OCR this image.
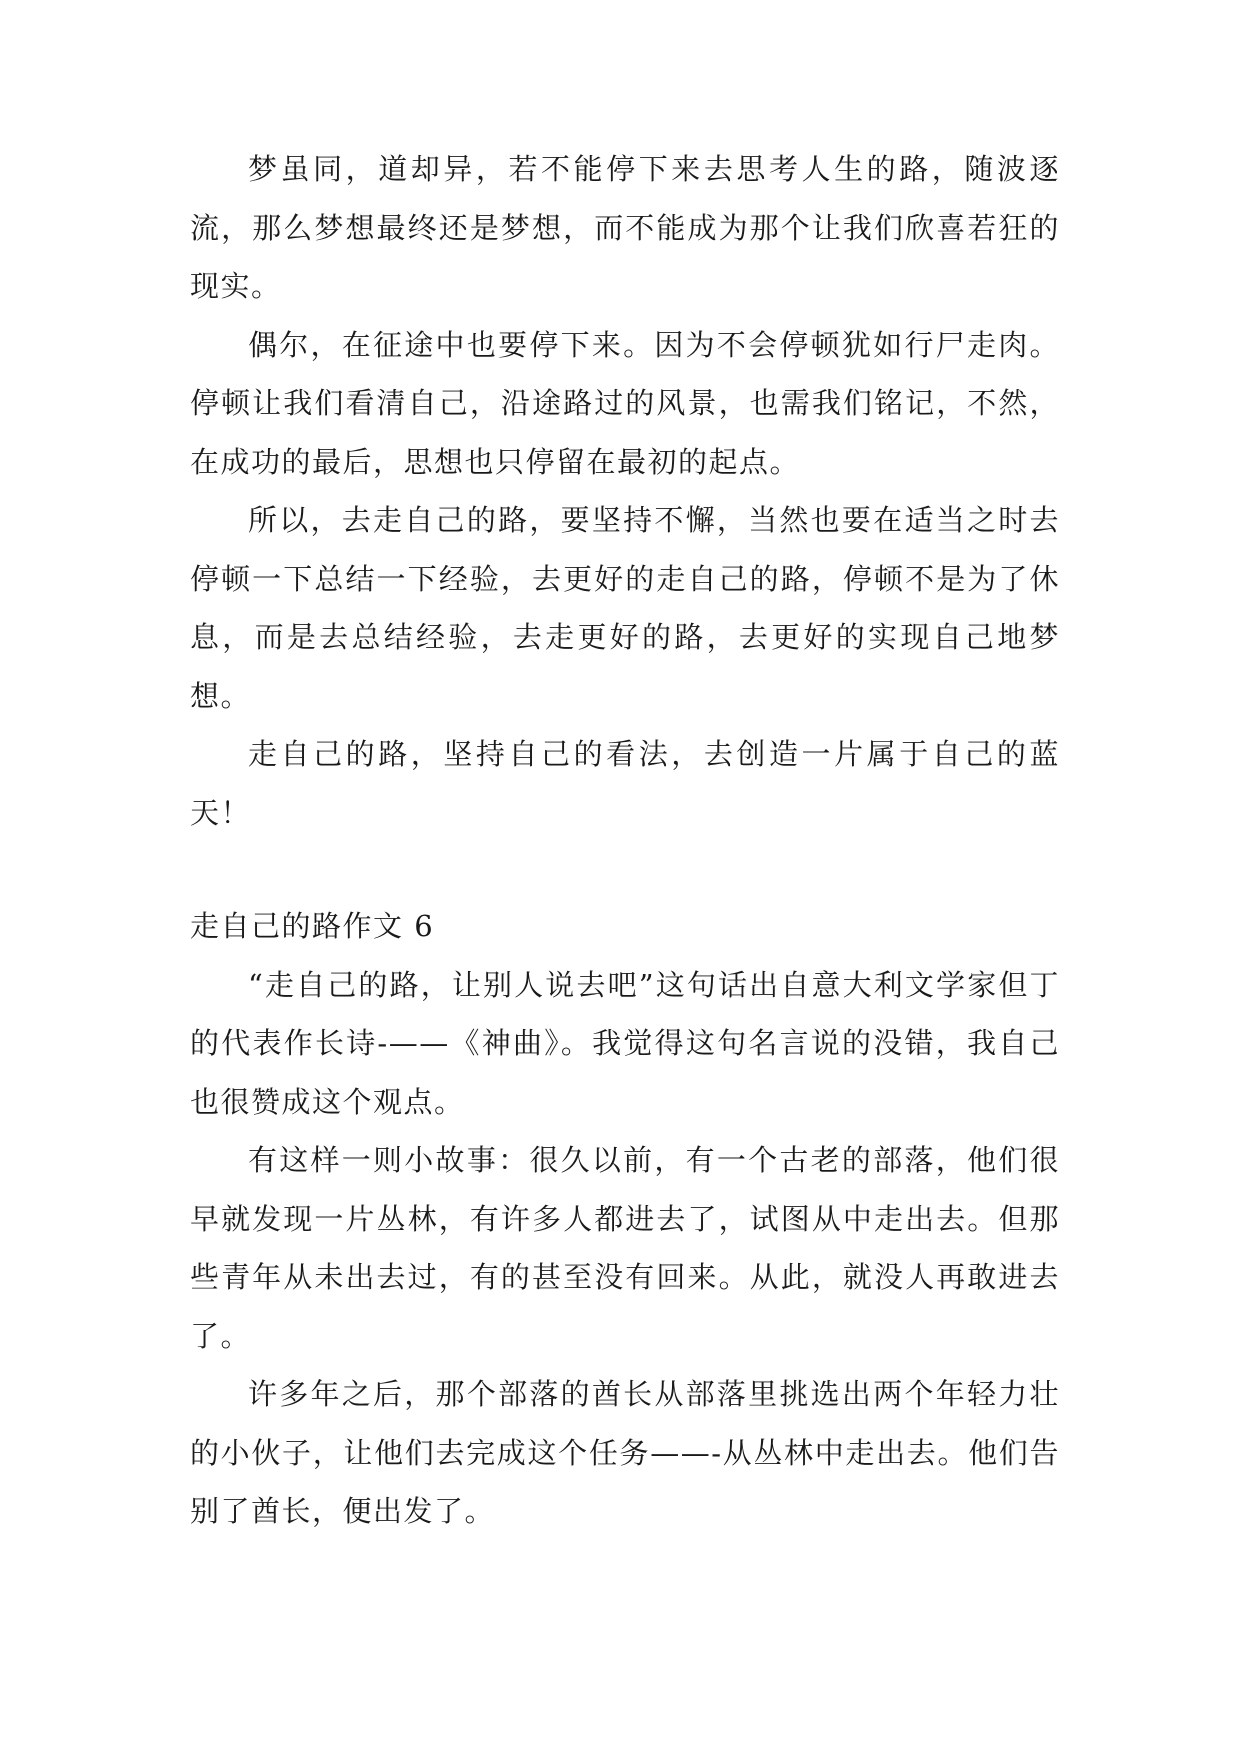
梦虽同，道却异，若不能停下来去思考人生的路，随波逐流，那么梦想最终还是梦想，而不能成为那个让我们欣喜若狂的现实。

偶尔，在征途中也要停下来。因为不会停顿犹如行尸走肉。停顿让我们看清自己，沿途路过的风景，也需我们铭记，不然，在成功的最后，思想也只停留在最初的起点。

所以，去走自己的路，要坚持不懈，当然也要在适当之时去停顿一下总结一下经验，去更好的走自己的路，停顿不是为了休息，而是去总结经验，去走更好的路，去更好的实现自己地梦想。

走自己的路，坚持自己的看法，去创造一片属于自己的蓝天！

走自己的路作文 6

“走自己的路，让别人说去吧”这句话出自意大利文学家但丁的代表作长诗-——《神曲》。我觉得这句名言说的没错，我自己也很赞成这个观点。

有这样一则小故事：很久以前，有一个古老的部落，他们很早就发现一片丛林，有许多人都进去了，试图从中走出去。但那些青年从未出去过，有的甚至没有回来。从此，就没人再敢进去了。

许多年之后，那个部落的酋长从部落里挑选出两个年轻力壮的小伙子，让他们去完成这个任务——-从丛林中走出去。他们告别了酋长，便出发了。
